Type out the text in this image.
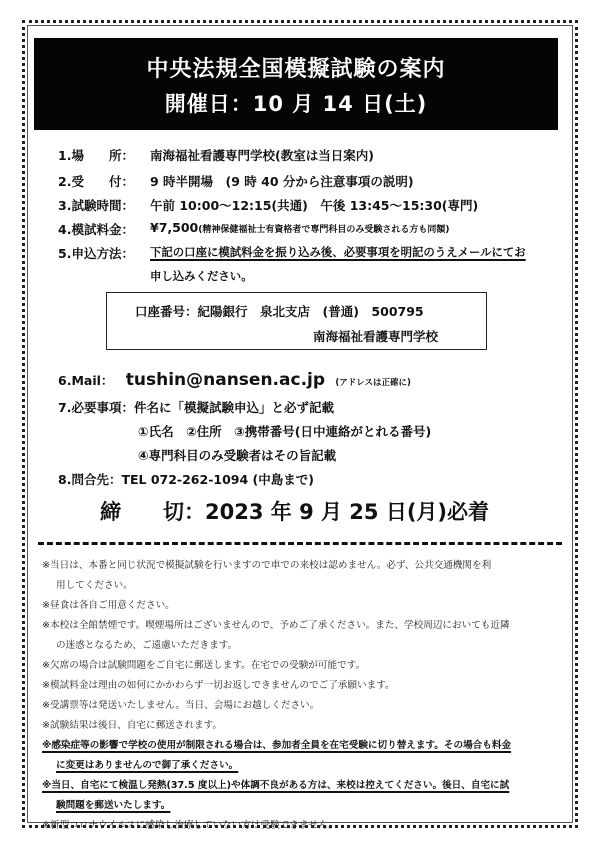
中央法規全国模擬試験の案内
開催日：10 月 14 日(土)
1.場　　所： 南海福祉看護専門学校(教室は当日案内)
2.受　　付： 9 時半開場　(9 時 40 分から注意事項の説明)
3.試験時間： 午前 10:00～12:15(共通)　午後 13:45～15:30(専門)
4.模試料金： ¥7,500(精神保健福祉士有資格者で専門科目のみ受験される方も同額)
5.申込方法： 下記の口座に模試料金を振り込み後、必要事項を明記のうえメールにてお
申し込みください。
口座番号：紀陽銀行　泉北支店　(普通)　500795
南海福祉看護専門学校
6.Mail： tushin@nansen.ac.jp (アドレスは正確に)
7.必要事項：件名に「模擬試験申込」と必ず記載
①氏名　②住所　③携帯番号(日中連絡がとれる番号)
④専門科目のみ受験者はその旨記載
8.問合先：TEL 072-262-1094 (中島まで)
締　　切：2023 年 9 月 25 日(月)必着
※当日は、本番と同じ状況で模擬試験を行いますので車での来校は認めません。必ず、公共交通機関を利
用してください。
※昼食は各自ご用意ください。
※本校は全館禁煙です。喫煙場所はございませんので、予めご了承ください。また、学校周辺においても近隣
の迷惑となるため、ご遠慮いただきます。
※欠席の場合は試験問題をご自宅に郵送します。在宅での受験が可能です。
※模試料金は理由の如何にかかわらず一切お返しできませんのでご了承願います。
※受講票等は発送いたしません。当日、会場にお越しください。
※試験結果は後日、自宅に郵送されます。
※感染症等の影響で学校の使用が制限される場合は、参加者全員を在宅受験に切り替えます。その場合も料金
に変更はありませんので御了承ください。
※当日、自宅にて検温し発熱(37.5 度以上)や体調不良がある方は、来校は控えてください。後日、自宅に試
験問題を郵送いたします。
※新型コロナウイルスに感染し治療していない方は受験できません。
